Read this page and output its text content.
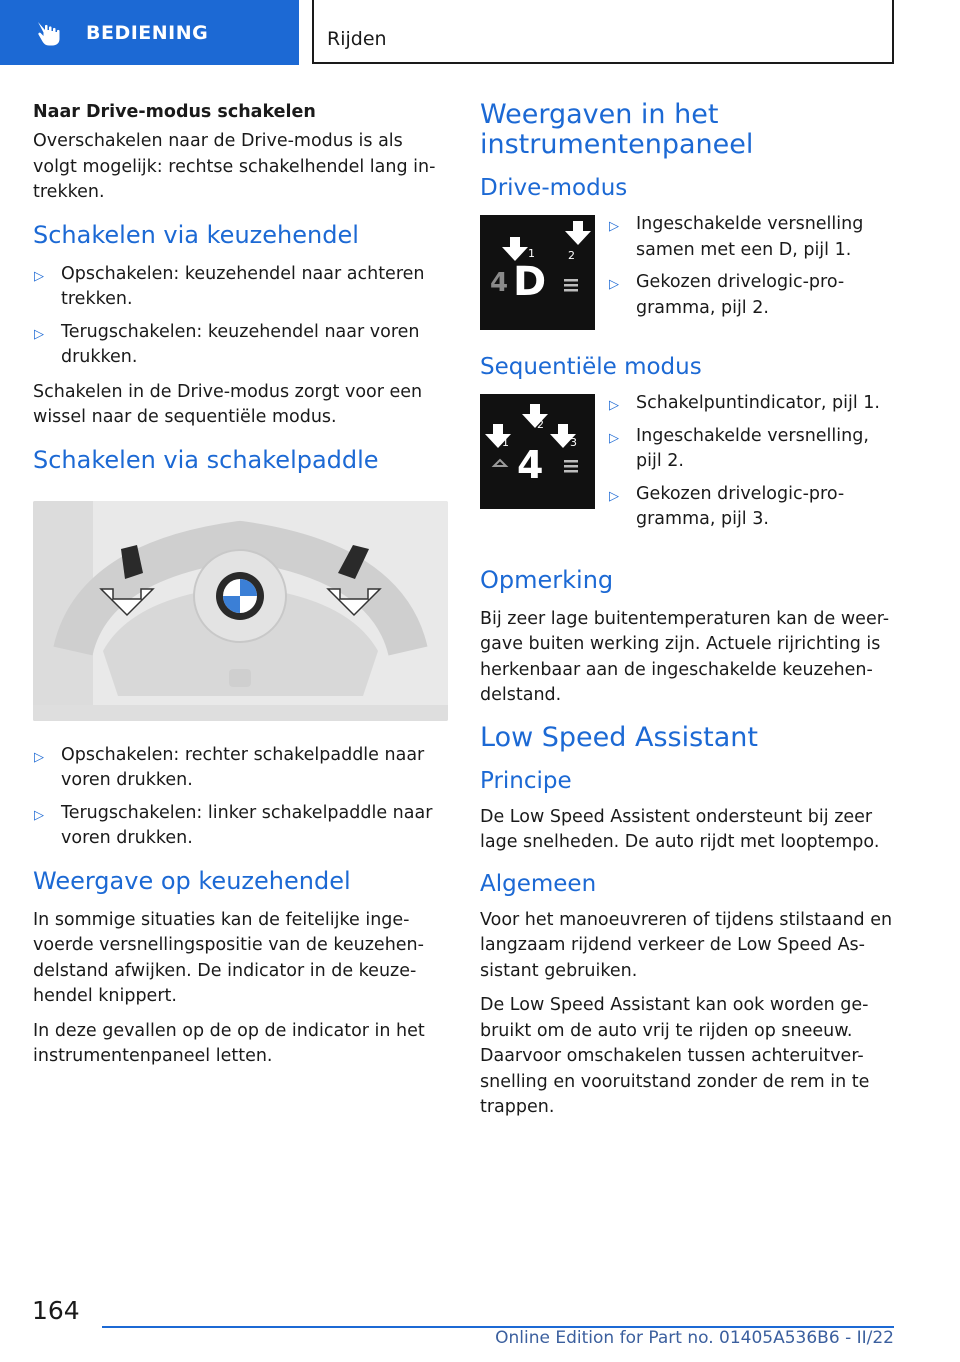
BEDIENING	Rijden
Naar Drive-modus schakelen

Overschakelen naar de Drive-modus is als volgt mogelijk: rechtse schakelhendel lang in-trekken.

Schakelen via keuzehendel
▷ Opschakelen: keuzehendel naar achteren trekken.
▷ Terugschakelen: keuzehendel naar voren drukken.

Schakelen in de Drive-modus zorgt voor een wissel naar de sequentiële modus.

Schakelen via schakelpaddle
▷ Opschakelen: rechter schakelpaddle naar voren drukken.
▷ Terugschakelen: linker schakelpaddle naar voren drukken.
Weergave op keuzehendel

In sommige situaties kan de feitelijke inge-voerde versnellingspositie van de keuzehen-delstand afwijken. De indicator in de keuze-hendel knippert.

In deze gevallen op de op de indicator in het instrumentenpaneel letten.

Weergaven in het instrumentenpaneel
Drive-modus
1	2
4 D
▷ Ingeschakelde versnelling samen met een D, pijl 1.
▷ Gekozen drivelogic-pro-gramma, pijl 2.
Sequentiële modus
1
2
3
4
▷ Schakelpuntindicator, pijl 1.
▷ Ingeschakelde versnelling, pijl 2.
▷ Gekozen drivelogic-pro-gramma, pijl 3.
Opmerking

Bij zeer lage buitentemperaturen kan de weer-gave buiten werking zijn. Actuele rijrichting is herkenbaar aan de ingeschakelde keuzehen-delstand.

Low Speed Assistant
Principe

De Low Speed Assistent ondersteunt bij zeer lage snelheden. De auto rijdt met looptempo.

Algemeen

Voor het manoeuvreren of tijdens stilstaand en langzaam rijdend verkeer de Low Speed As-sistant gebruiken.

De Low Speed Assistant kan ook worden ge-bruikt om de auto vrij te rijden op sneeuw. Daarvoor omschakelen tussen achteruitver-snelling en vooruitstand zonder de rem in te trappen.

164
Online Edition for Part no. 01405A536B6 - II/22
